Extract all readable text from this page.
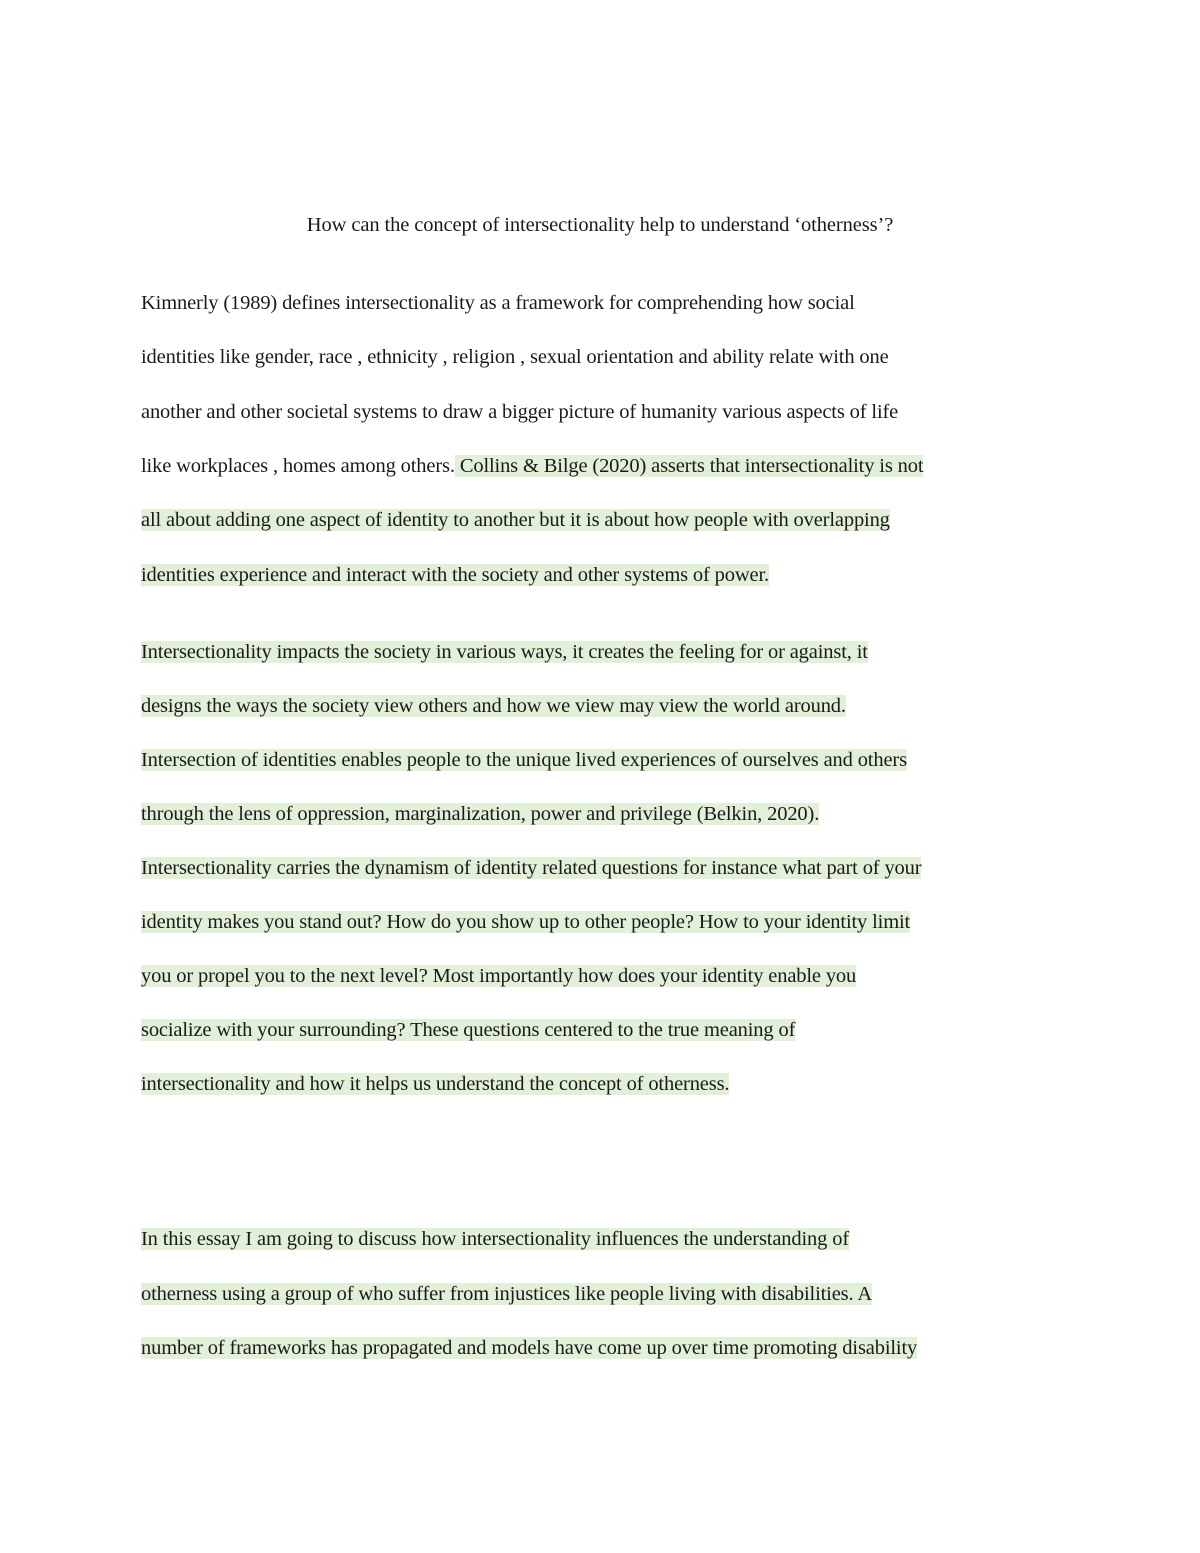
How can the concept of intersectionality help to understand ‘otherness’?
Kimnerly (1989) defines intersectionality as a framework for comprehending how social
identities like gender, race , ethnicity , religion , sexual orientation and ability relate with one
another and other societal systems to draw a bigger picture of humanity various aspects of life
like workplaces , homes among others. Collins & Bilge (2020) asserts that intersectionality is not
all about adding one aspect of identity to another but it is about how people with overlapping
identities experience and interact with the society and other systems of power.
Intersectionality impacts the society in various ways, it creates the feeling for or against, it
designs the ways the society view others and how we view may view the world around.
Intersection of identities enables people to the unique lived experiences of ourselves and others
through the lens of oppression, marginalization, power and privilege (Belkin, 2020).
Intersectionality carries the dynamism of identity related questions for instance what part of your
identity makes you stand out? How do you show up to other people? How to your identity limit
you or propel you to the next level? Most importantly how does your identity enable you
socialize with your surrounding? These questions centered to the true meaning of
intersectionality and how it helps us understand the concept of otherness.
In this essay I am going to discuss how intersectionality influences the understanding of
otherness using a group of who suffer from injustices like people living with disabilities. A
number of frameworks has propagated and models have come up over time promoting disability
